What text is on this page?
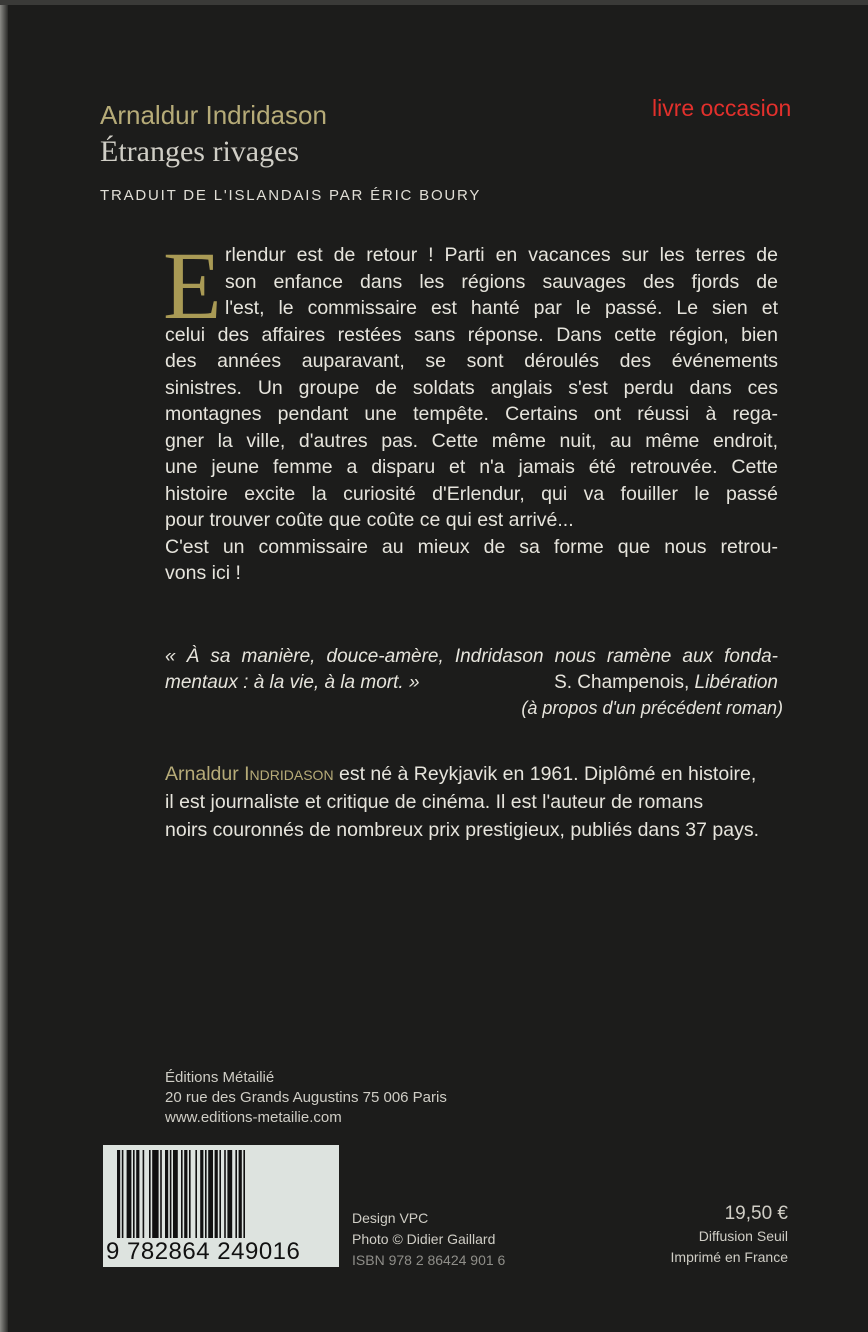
Arnaldur Indridason
Étranges rivages
TRADUIT DE L'ISLANDAIS PAR ÉRIC BOURY
livre occasion
E rlendur est de retour ! Parti en vacances sur les terres de
son enfance dans les régions sauvages des fjords de
l'est, le commissaire est hanté par le passé. Le sien et
celui des affaires restées sans réponse. Dans cette région, bien
des années auparavant, se sont déroulés des événements
sinistres. Un groupe de soldats anglais s'est perdu dans ces
montagnes pendant une tempête. Certains ont réussi à rega-
gner la ville, d'autres pas. Cette même nuit, au même endroit,
une jeune femme a disparu et n'a jamais été retrouvée. Cette
histoire excite la curiosité d'Erlendur, qui va fouiller le passé
pour trouver coûte que coûte ce qui est arrivé...
C'est un commissaire au mieux de sa forme que nous retrou-
vons ici !
« À sa manière, douce-amère, Indridason nous ramène aux fonda-
mentaux : à la vie, à la mort. »	S. Champenois, Libération
(à propos d'un précédent roman)
Arnaldur Indridason est né à Reykjavik en 1961. Diplômé en histoire,
il est journaliste et critique de cinéma. Il est l'auteur de romans
noirs couronnés de nombreux prix prestigieux, publiés dans 37 pays.
Éditions Métailié
20 rue des Grands Augustins 75 006 Paris
www.editions-metailie.com
9 782864 249016
Design VPC
Photo © Didier Gaillard
ISBN 978 2 86424 901 6
19,50 €
Diffusion Seuil
Imprimé en France
